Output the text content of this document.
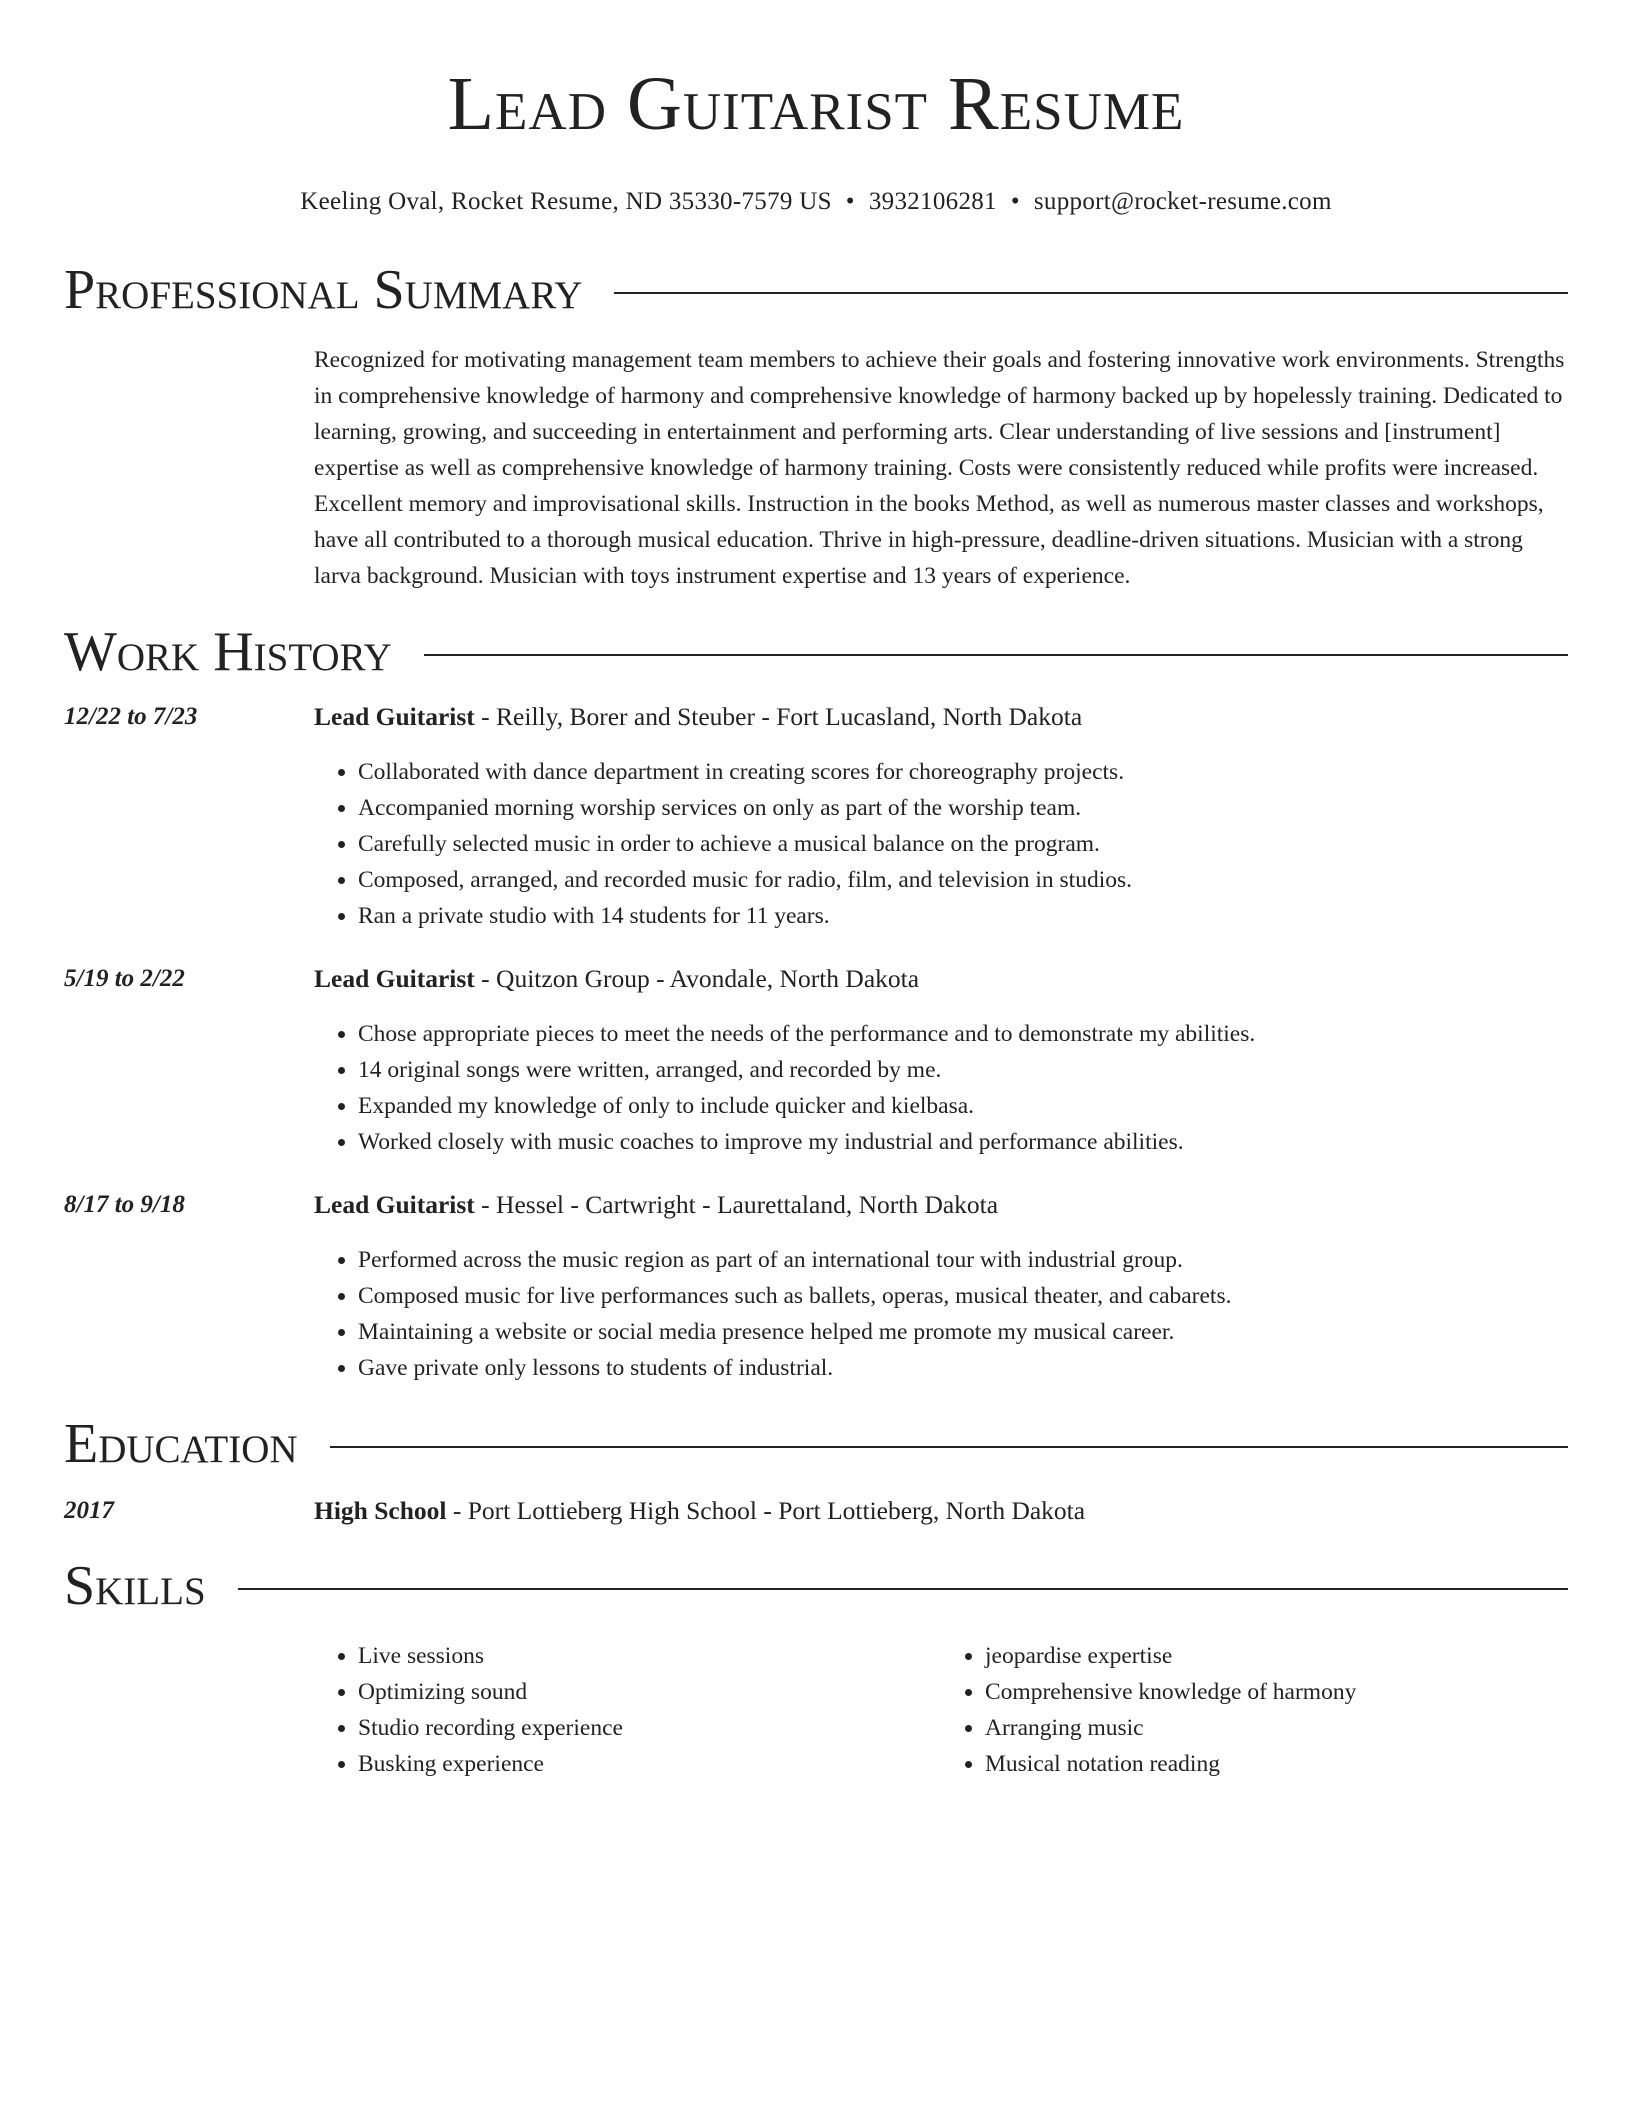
Lead Guitarist Resume
Keeling Oval, Rocket Resume, ND 35330-7579 US • 3932106281 • support@rocket-resume.com
Professional Summary
Recognized for motivating management team members to achieve their goals and fostering innovative work environments. Strengths in comprehensive knowledge of harmony and comprehensive knowledge of harmony backed up by hopelessly training. Dedicated to learning, growing, and succeeding in entertainment and performing arts. Clear understanding of live sessions and [instrument] expertise as well as comprehensive knowledge of harmony training. Costs were consistently reduced while profits were increased. Excellent memory and improvisational skills. Instruction in the books Method, as well as numerous master classes and workshops, have all contributed to a thorough musical education. Thrive in high-pressure, deadline-driven situations. Musician with a strong larva background. Musician with toys instrument expertise and 13 years of experience.
Work History
12/22 to 7/23	Lead Guitarist - Reilly, Borer and Steuber - Fort Lucasland, North Dakota
• Collaborated with dance department in creating scores for choreography projects.
• Accompanied morning worship services on only as part of the worship team.
• Carefully selected music in order to achieve a musical balance on the program.
• Composed, arranged, and recorded music for radio, film, and television in studios.
• Ran a private studio with 14 students for 11 years.
5/19 to 2/22	Lead Guitarist - Quitzon Group - Avondale, North Dakota
• Chose appropriate pieces to meet the needs of the performance and to demonstrate my abilities.
• 14 original songs were written, arranged, and recorded by me.
• Expanded my knowledge of only to include quicker and kielbasa.
• Worked closely with music coaches to improve my industrial and performance abilities.
8/17 to 9/18	Lead Guitarist - Hessel - Cartwright - Laurettaland, North Dakota
• Performed across the music region as part of an international tour with industrial group.
• Composed music for live performances such as ballets, operas, musical theater, and cabarets.
• Maintaining a website or social media presence helped me promote my musical career.
• Gave private only lessons to students of industrial.
Education
2017	High School - Port Lottieberg High School - Port Lottieberg, North Dakota
Skills
• Live sessions
• Optimizing sound
• Studio recording experience
• Busking experience
• jeopardise expertise
• Comprehensive knowledge of harmony
• Arranging music
• Musical notation reading
